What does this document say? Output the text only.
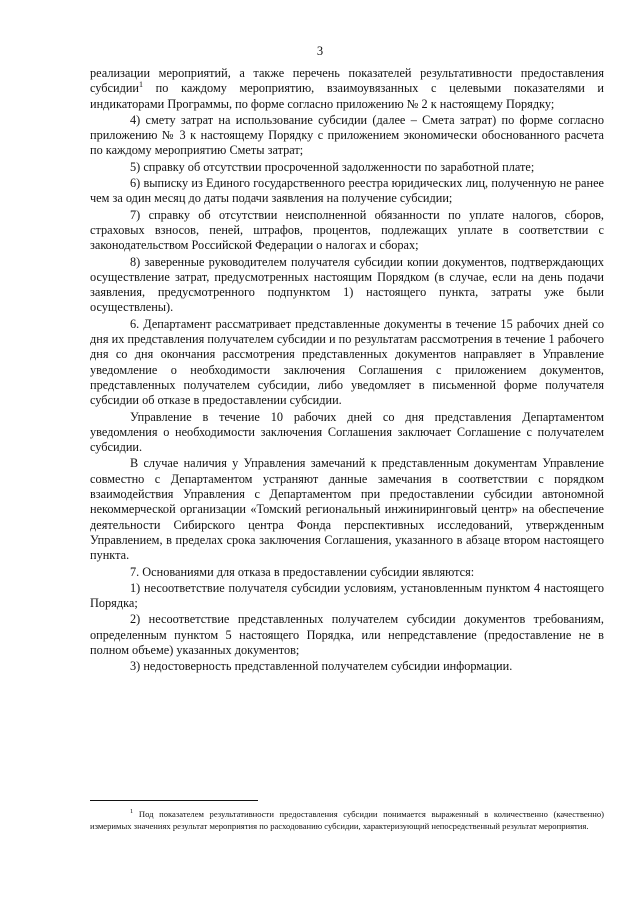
3

реализации мероприятий, а также перечень показателей результативности предоставления субсидии$^1$ по каждому мероприятию, взаимоувязанных с целевыми показателями и индикаторами Программы, по форме согласно приложению № 2 к настоящему Порядку;

4) смету затрат на использование субсидии (далее – Смета затрат) по форме согласно приложению № 3 к настоящему Порядку с приложением экономически обоснованного расчета по каждому мероприятию Сметы затрат;

5) справку об отсутствии просроченной задолженности по заработной плате;

6) выписку из Единого государственного реестра юридических лиц, полученную не ранее чем за один месяц до даты подачи заявления на получение субсидии;

7) справку об отсутствии неисполненной обязанности по уплате налогов, сборов, страховых взносов, пеней, штрафов, процентов, подлежащих уплате в соответствии с законодательством Российской Федерации о налогах и сборах;

8) заверенные руководителем получателя субсидии копии документов, подтверждающих осуществление затрат, предусмотренных настоящим Порядком (в случае, если на день подачи заявления, предусмотренного подпунктом 1) настоящего пункта, затраты уже были осуществлены).

6. Департамент рассматривает представленные документы в течение 15 рабочих дней со дня их представления получателем субсидии и по результатам рассмотрения в течение 1 рабочего дня со дня окончания рассмотрения представленных документов направляет в Управление уведомление о необходимости заключения Соглашения с приложением документов, представленных получателем субсидии, либо уведомляет в письменной форме получателя субсидии об отказе в предоставлении субсидии.

Управление в течение 10 рабочих дней со дня представления Департаментом уведомления о необходимости заключения Соглашения заключает Соглашение с получателем субсидии.

В случае наличия у Управления замечаний к представленным документам Управление совместно с Департаментом устраняют данные замечания в соответствии с порядком взаимодействия Управления с Департаментом при предоставлении субсидии автономной некоммерческой организации «Томский региональный инжиниринговый центр» на обеспечение деятельности Сибирского центра Фонда перспективных исследований, утвержденным Управлением, в пределах срока заключения Соглашения, указанного в абзаце втором настоящего пункта.

7. Основаниями для отказа в предоставлении субсидии являются:

1) несоответствие получателя субсидии условиям, установленным пунктом 4 настоящего Порядка;

2) несоответствие представленных получателем субсидии документов требованиям, определенным пунктом 5 настоящего Порядка, или непредставление (предоставление не в полном объеме) указанных документов;

3) недостоверность представленной получателем субсидии информации.

$^1$ Под показателем результативности предоставления субсидии понимается выраженный в количественно (качественно) измеримых значениях результат мероприятия по расходованию субсидии, характеризующий непосредственный результат мероприятия.
